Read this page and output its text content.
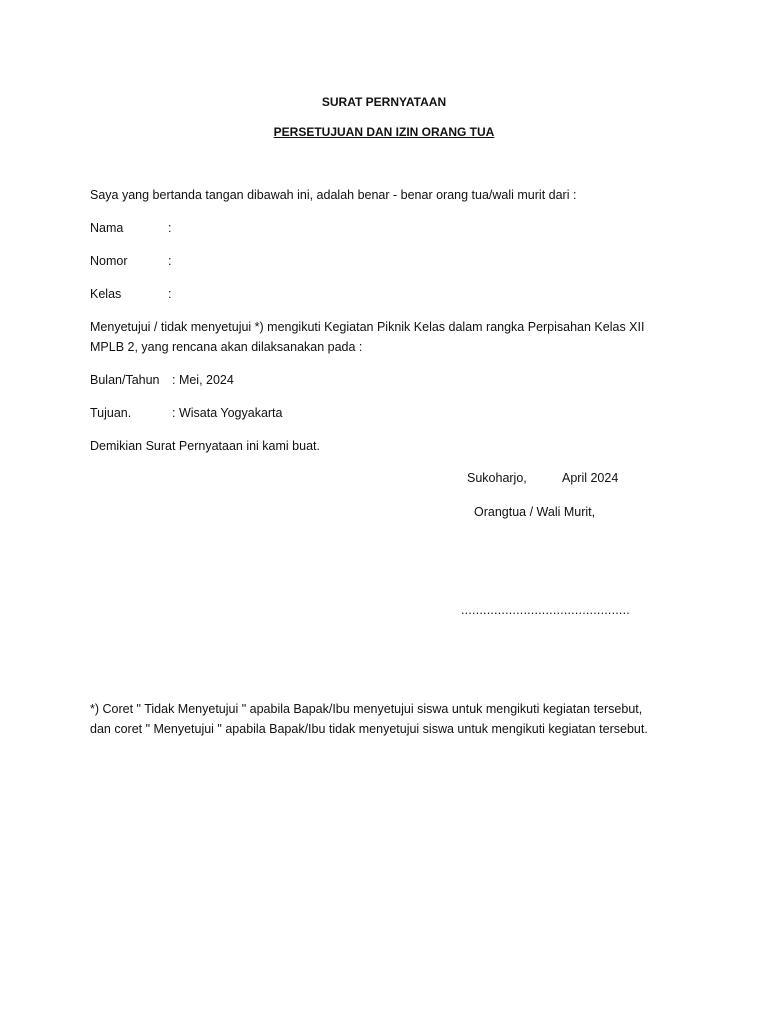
SURAT PERNYATAAN
PERSETUJUAN DAN IZIN ORANG TUA
Saya yang bertanda tangan dibawah ini, adalah benar - benar orang tua/wali murit dari :
Nama	:
Nomor	:
Kelas	:
Menyetujui / tidak menyetujui *) mengikuti Kegiatan Piknik Kelas dalam rangka Perpisahan Kelas XII
MPLB 2, yang rencana akan dilaksanakan pada :
Bulan/Tahun : Mei, 2024
Tujuan.	: Wisata Yogyakarta
Demikian Surat Pernyataan ini kami buat.
Sukoharjo,	April 2024
Orangtua / Wali Murit,
..............................................
*) Coret " Tidak Menyetujui " apabila Bapak/Ibu menyetujui siswa untuk mengikuti kegiatan tersebut,
dan coret " Menyetujui " apabila Bapak/Ibu tidak menyetujui siswa untuk mengikuti kegiatan tersebut.
